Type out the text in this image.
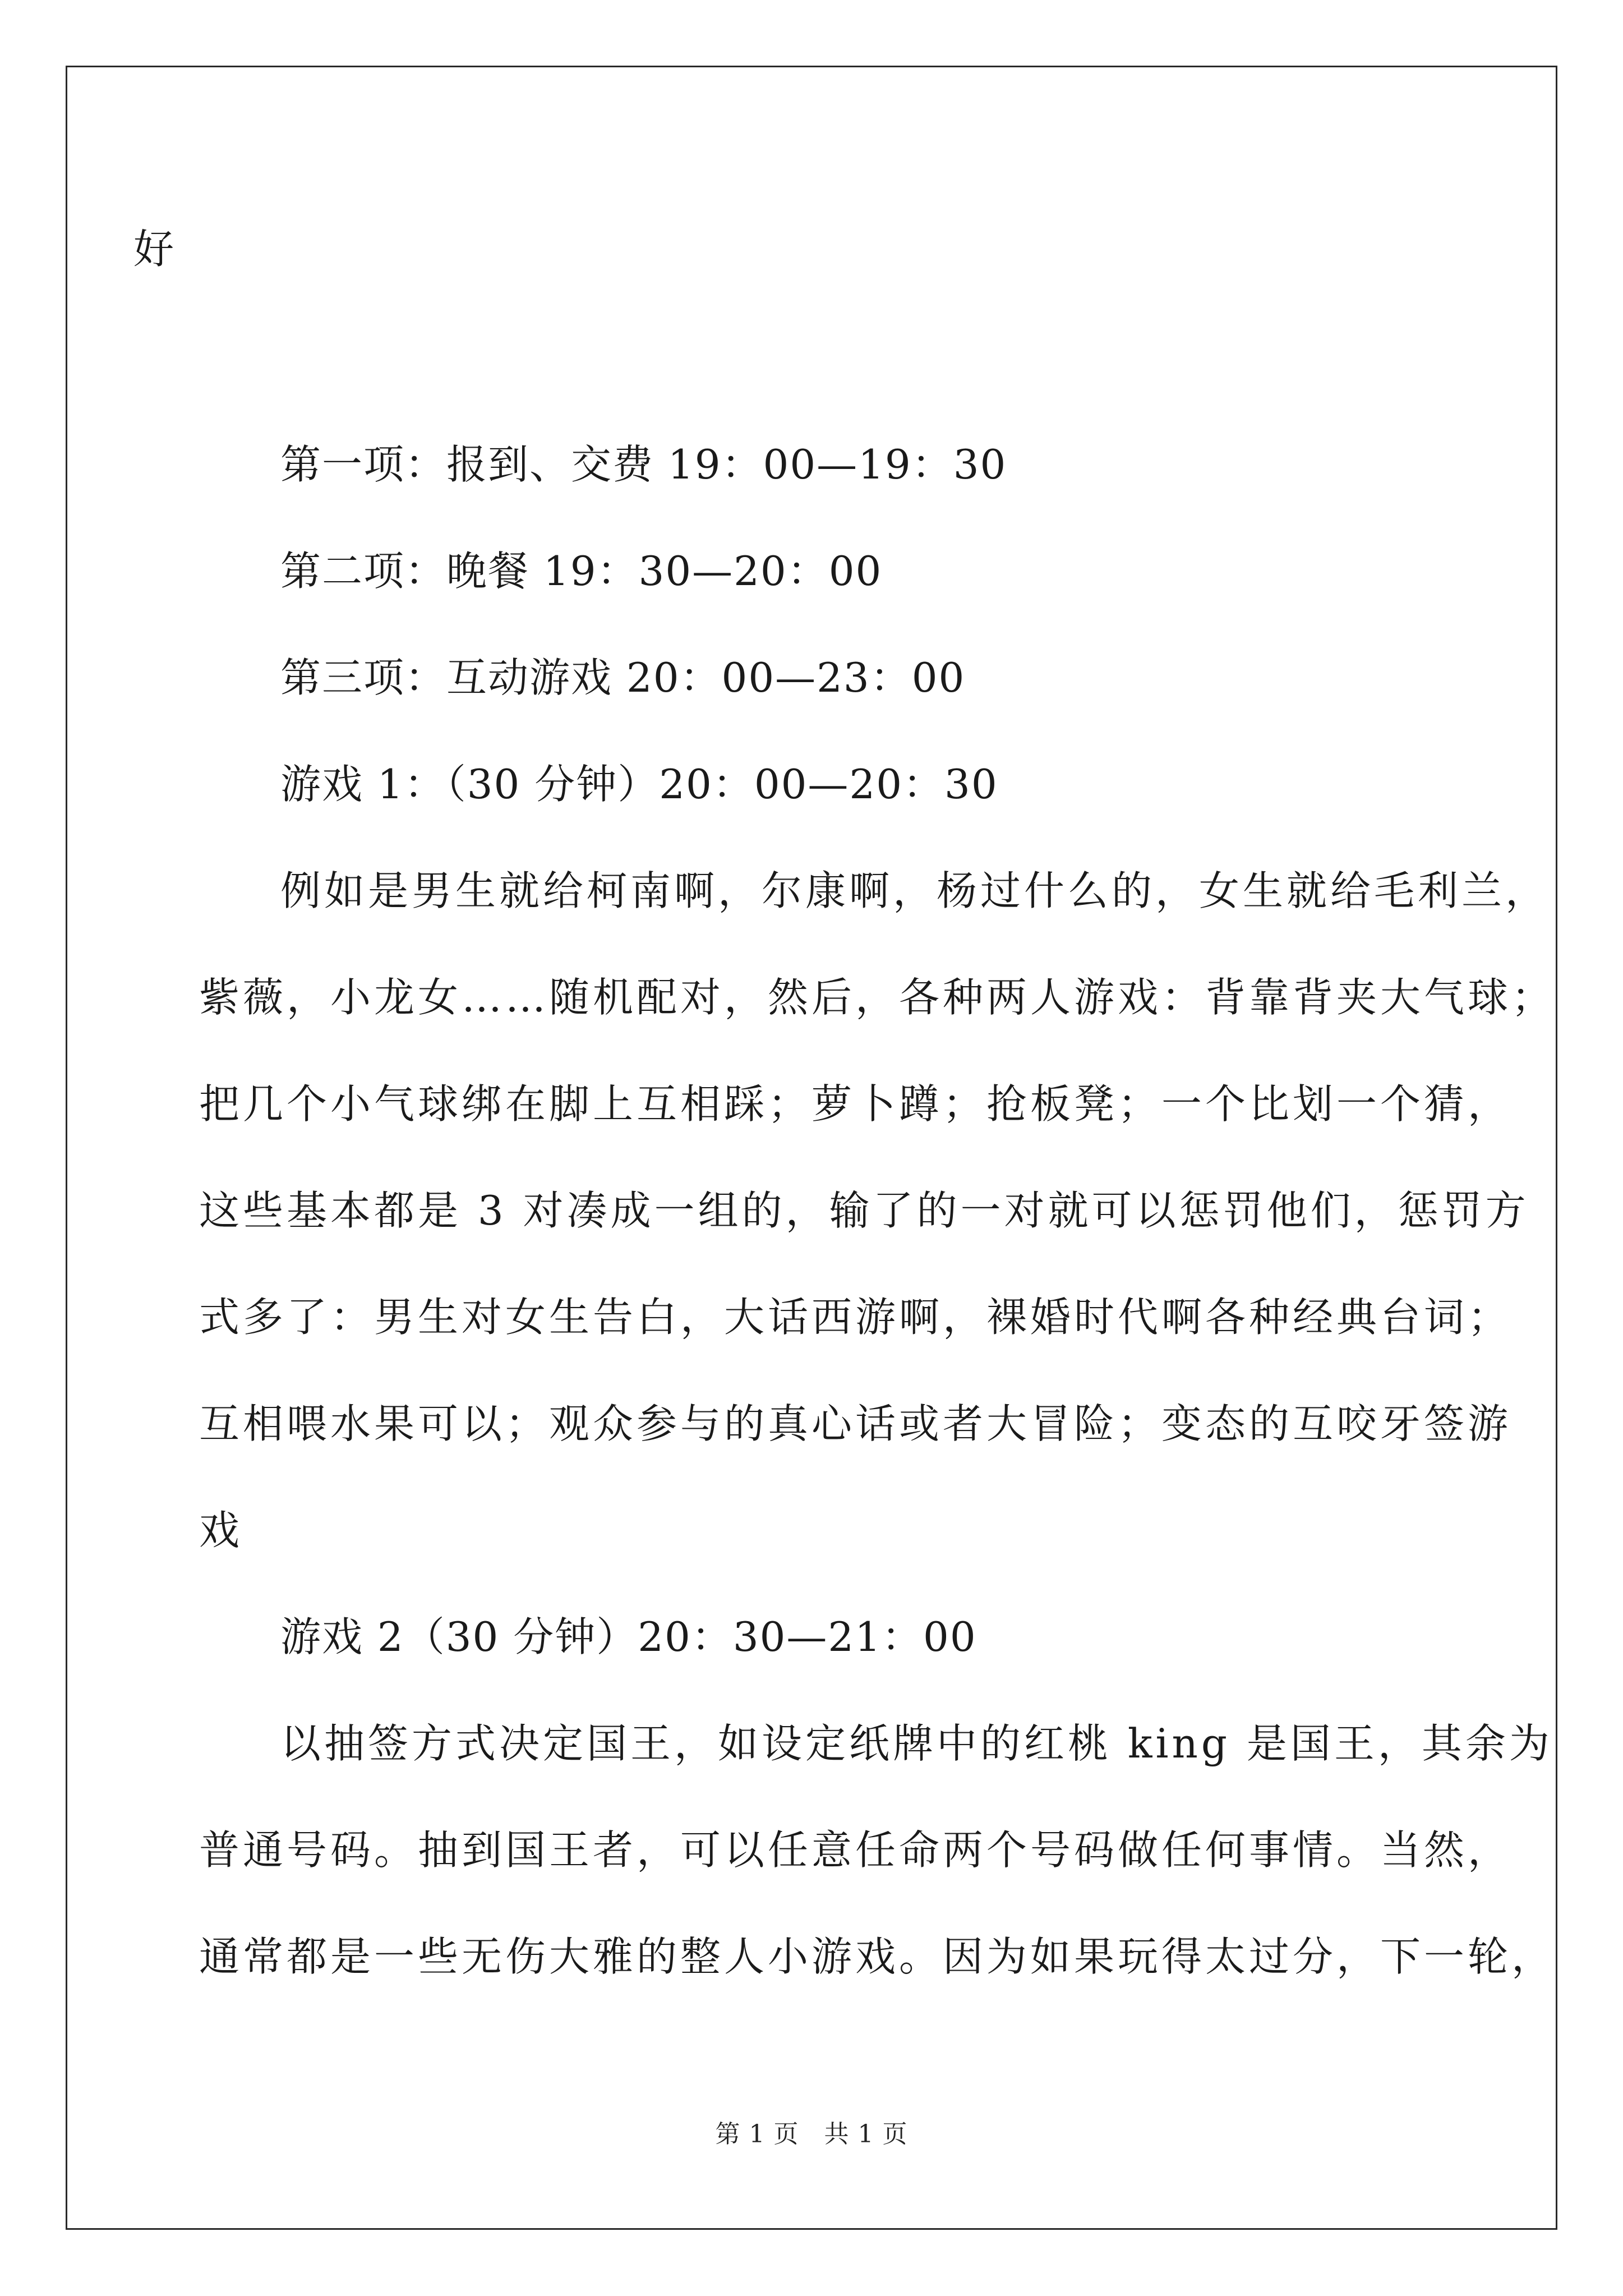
好
第一项：报到、交费 19：00—19：30
第二项：晚餐 19：30—20：00
第三项：互动游戏 20：00—23：00
游戏 1：（30 分钟）20：00—20：30
例如是男生就给柯南啊，尔康啊，杨过什么的，女生就给毛利兰，
紫薇，小龙女……随机配对，然后，各种两人游戏：背靠背夹大气球；
把几个小气球绑在脚上互相踩；萝卜蹲；抢板凳；一个比划一个猜，
这些基本都是 3 对凑成一组的，输了的一对就可以惩罚他们，惩罚方
式多了：男生对女生告白，大话西游啊，裸婚时代啊各种经典台词；
互相喂水果可以；观众参与的真心话或者大冒险；变态的互咬牙签游
戏
游戏 2（30 分钟）20：30—21：00
以抽签方式决定国王，如设定纸牌中的红桃 king 是国王，其余为
普通号码。抽到国王者，可以任意任命两个号码做任何事情。当然，
通常都是一些无伤大雅的整人小游戏。因为如果玩得太过分，下一轮，
第 1 页　共 1 页
